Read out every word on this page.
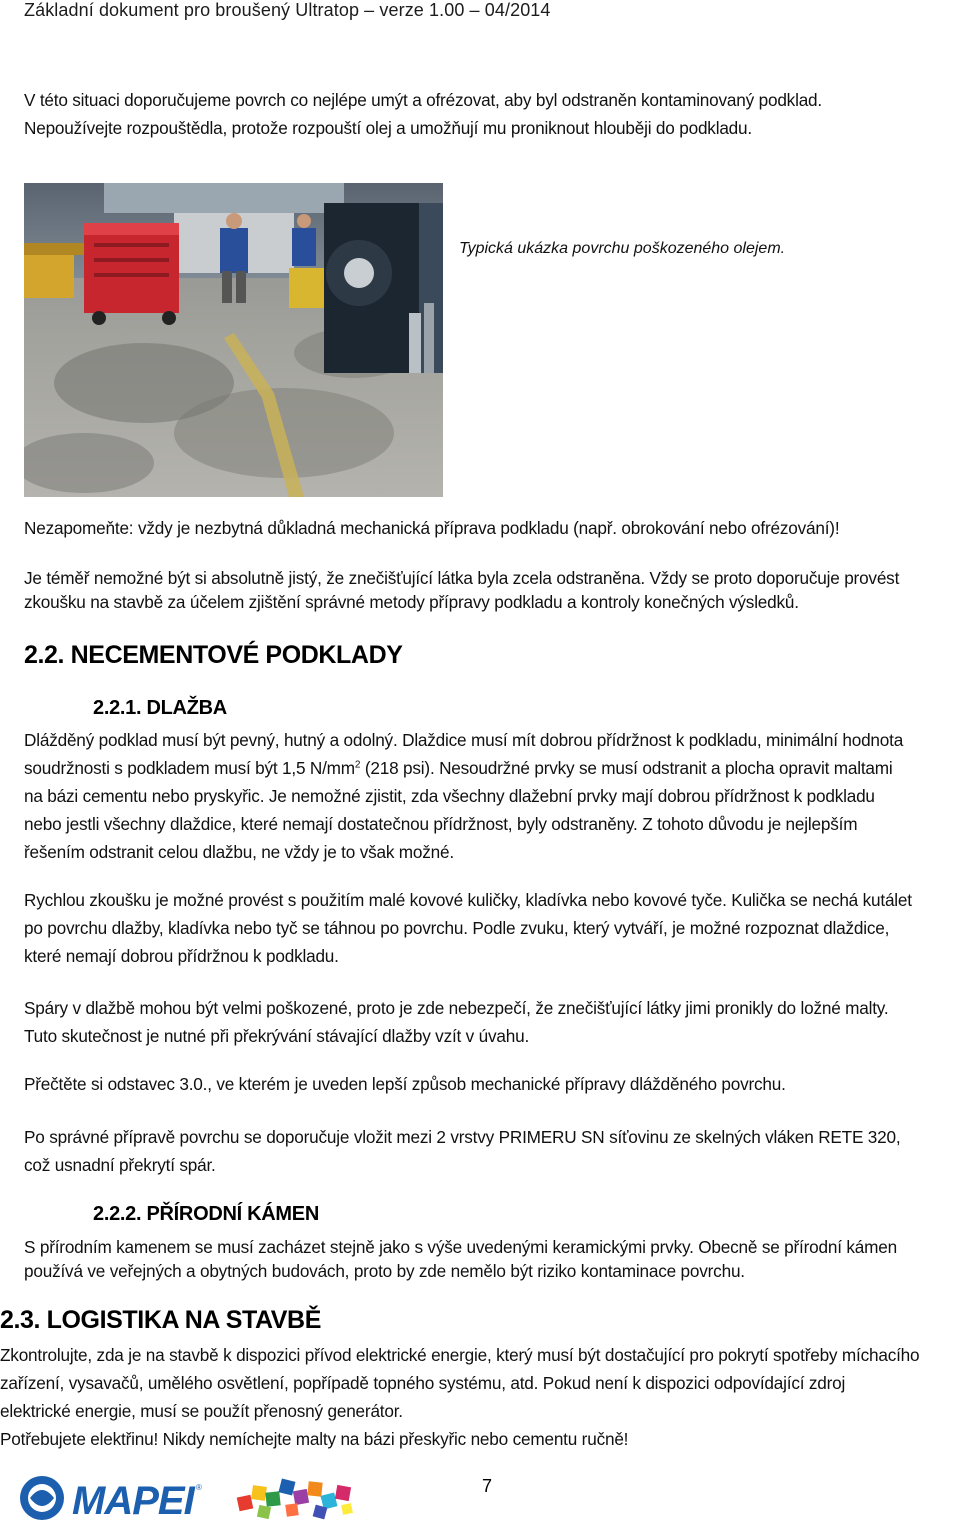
Základní dokument pro broušený Ultratop – verze 1.00 – 04/2014
V této situaci doporučujeme povrch co nejlépe umýt a ofrézovat, aby byl odstraněn kontaminovaný podklad.
Nepoužívejte rozpouštědla, protože rozpouští olej a umožňují mu proniknout hlouběji do podkladu.
Typická ukázka povrchu poškozeného olejem.
Nezapomeňte: vždy je nezbytná důkladná mechanická příprava podkladu (např. obrokování nebo ofrézování)!
Je téměř nemožné být si absolutně jistý, že znečišťující látka byla zcela odstraněna. Vždy se proto doporučuje provést
zkoušku na stavbě za účelem zjištění správné metody přípravy podkladu a kontroly konečných výsledků.
2.2. NECEMENTOVÉ PODKLADY
2.2.1. DLAŽBA
Dlážděný podklad musí být pevný, hutný a odolný. Dlaždice musí mít dobrou přídržnost k podkladu, minimální hodnota
soudržnosti s podkladem musí být 1,5 $N/mm^2$ (218 psi). Nesoudržné prvky se musí odstranit a plocha opravit maltami
na bázi cementu nebo pryskyřic. Je nemožné zjistit, zda všechny dlažební prvky mají dobrou přídržnost k podkladu
nebo jestli všechny dlaždice, které nemají dostatečnou přídržnost, byly odstraněny. Z tohoto důvodu je nejlepším
řešením odstranit celou dlažbu, ne vždy je to však možné.
Rychlou zkoušku je možné provést s použitím malé kovové kuličky, kladívka nebo kovové tyče. Kulička se nechá kutálet
po povrchu dlažby, kladívka nebo tyč se táhnou po povrchu. Podle zvuku, který vytváří, je možné rozpoznat dlaždice,
které nemají dobrou přídržnou k podkladu.
Spáry v dlažbě mohou být velmi poškozené, proto je zde nebezpečí, že znečišťující látky jimi pronikly do ložné malty.
Tuto skutečnost je nutné při překrývání stávající dlažby vzít v úvahu.
Přečtěte si odstavec 3.0., ve kterém je uveden lepší způsob mechanické přípravy dlážděného povrchu.
Po správné přípravě povrchu se doporučuje vložit mezi 2 vrstvy PRIMERU SN síťovinu ze skelných vláken RETE 320,
což usnadní překrytí spár.
2.2.2. PŘÍRODNÍ KÁMEN
S přírodním kamenem se musí zacházet stejně jako s výše uvedenými keramickými prvky. Obecně se přírodní kámen
používá ve veřejných a obytných budovách, proto by zde nemělo být riziko kontaminace povrchu.
2.3. LOGISTIKA NA STAVBĚ
Zkontrolujte, zda je na stavbě k dispozici přívod elektrické energie, který musí být dostačující pro pokrytí spotřeby míchacího
zařízení, vysavačů, umělého osvětlení, popřípadě topného systému, atd. Pokud není k dispozici odpovídající zdroj
elektrické energie, musí se použít přenosný generátor.
Potřebujete elektřinu! Nikdy nemíchejte malty na bázi přeskyřic nebo cementu ručně!
MAPEI ®	7
